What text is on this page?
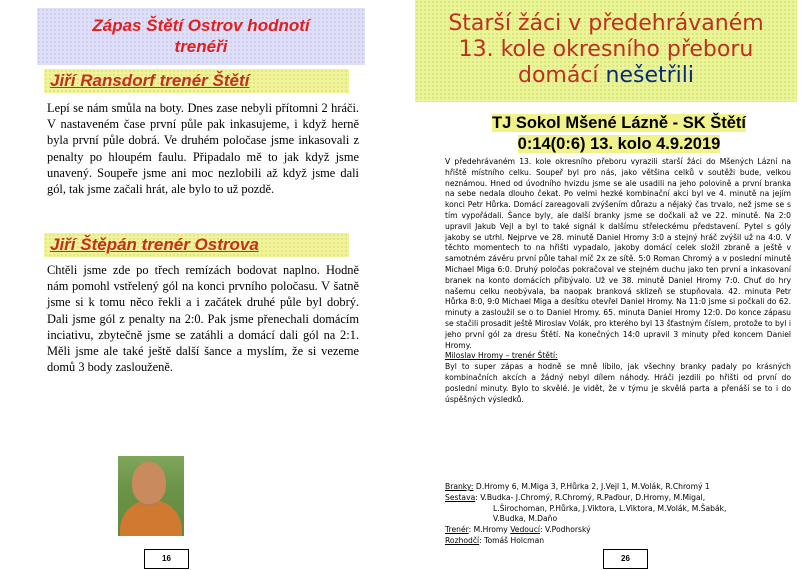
Zápas Štětí Ostrov hodnotí
trenéři
Jiří Ransdorf trenér Štětí
Lepí se nám smůla na boty. Dnes zase nebyli přítomni 2 hráči. V nastaveném čase první půle pak inkasujeme, i když herně byla první půle dobrá. Ve druhém poločase jsme inkasovali z penalty po hloupém faulu. Připadalo mě to jak když jsme unavený. Soupeře jsme ani moc nezlobili až když jsme dali gól, tak jsme začali hrát, ale bylo to už pozdě.
Jiří Štěpán trenér Ostrova
Chtěli jsme zde po třech remízách bodovat naplno. Hodně nám pomohl vstřelený gól na konci prvního poločasu. V šatně jsme si k tomu něco řekli a i začátek druhé půle byl dobrý. Dali jsme gól z penalty na 2:0. Pak jsme přenechali domácím inciativu, zbytečně jsme se zatáhli a domácí dali gól na 2:1. Měli jsme ale také ještě další šance a myslím, že si vezeme domů 3 body zaslouženě.
16
Starší žáci v předehrávaném
13. kole okresního přeboru
domácí nešetřili
TJ Sokol Mšené Lázně - SK Štětí
0:14(0:6) 13. kolo 4.9.2019

V předehrávaném 13. kole okresního přeboru vyrazili starší žáci do Mšených Lázní na hřiště místního celku. Soupeř byl pro nás, jako většina celků v soutěži bude, velkou neznámou. Hned od úvodního hvizdu jsme se ale usadili na jeho polovině a první branka na sebe nedala dlouho čekat. Po velmi hezké kombinační akci byl ve 4. minutě na jejím konci Petr Hůrka. Domácí zareagovali zvýšením důrazu a nějaký čas trvalo, než jsme se s tím vypořádali. Šance byly, ale další branky jsme se dočkali až ve 22. minutě. Na 2:0 upravil Jakub Vejl a byl to také signál k dalšímu střeleckému představení. Pytel s góly jakoby se utrhl. Nejprve ve 28. minutě Daniel Hromy 3:0 a stejný hráč zvýšil už na 4:0. V těchto momentech to na hřišti vypadalo, jakoby domácí celek složil zbraně a ještě v samotném závěru první půle tahal míč 2x ze sítě. 5:0 Roman Chromý a v poslední minutě Michael Miga 6:0. Druhý poločas pokračoval ve stejném duchu jako ten první a inkasovaní branek na konto domácích přibývalo. Už ve 38. minutě Daniel Hromy 7:0. Chuť do hry našemu celku neobývala, ba naopak branková sklizeň se stupňovala. 42. minuta Petr Hůrka 8:0, 9:0 Michael Miga a desítku otevřel Daniel Hromy. Na 11:0 jsme si počkali do 62. minuty a zasloužil se o to Daniel Hromy. 65. minuta Daniel Hromy 12:0. Do konce zápasu se stačili prosadit ještě Miroslav Volák, pro kterého byl 13 šťastným číslem, protože to byl i jeho první gól za dresu Štětí. Na konečných 14:0 upravil 3 minuty před koncem Daniel Hromy.

Miloslav Hromy – trenér Štětí:

Byl to super zápas a hodně se mně líbilo, jak všechny branky padaly po krásných kombinačních akcích a žádný nebyl dílem náhody. Hráči jezdili po hřišti od první do poslední minuty. Bylo to skvělé. Je vidět, že v týmu je skvělá parta a přenáší se to i do úspěšných výsledků.

Branky: D.Hromy 6, M.Miga 3, P.Hůrka 2, J.Vejl 1, M.Volák, R.Chromý 1
Sestava: V.Budka- J.Chromý, R.Chromý, R.Paďour, D.Hromy, M.Migal,
L.Širochoman, P.Hůrka, J.Viktora, L.Viktora, M.Volák, M.Šabák,
V.Budka, M.Daňo
Trenér: M.Hromy Vedoucí: V.Podhorský
Rozhodčí: Tomáš Holcman
26
